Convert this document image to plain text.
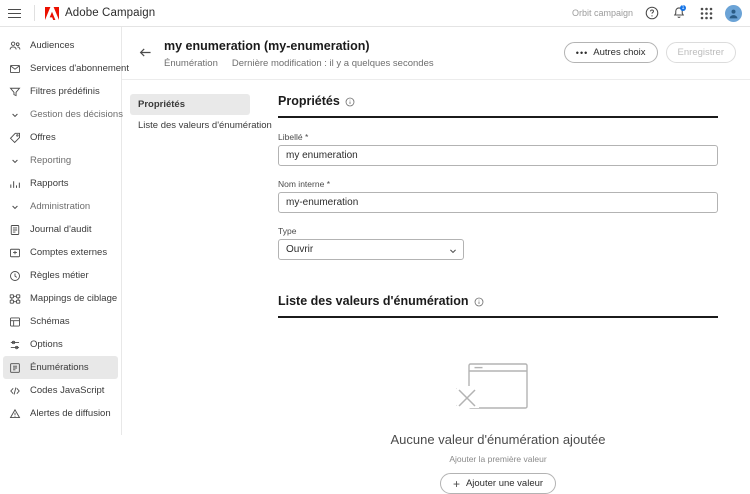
Adobe Campaign	Orbit campaign	1
Audiences
Services d'abonnement
Filtres prédéfinis
Gestion des décisions
Offres
Reporting
Rapports
Administration
Journal d'audit
Comptes externes
Règles métier
Mappings de ciblage
Schémas
Options
Énumérations
Codes JavaScript
Alertes de diffusion
my enumeration (my-enumeration)
Énumération Dernière modification : il y a quelques secondes
••• Autres choix	Enregistrer
Propriétés
Liste des valeurs d'énumération
Propriétés
Libellé *
my enumeration
Nom interne *
my-enumeration
Type
Ouvrir
Liste des valeurs d'énumération
Aucune valeur d'énumération ajoutée
Ajouter la première valeur
+ Ajouter une valeur
